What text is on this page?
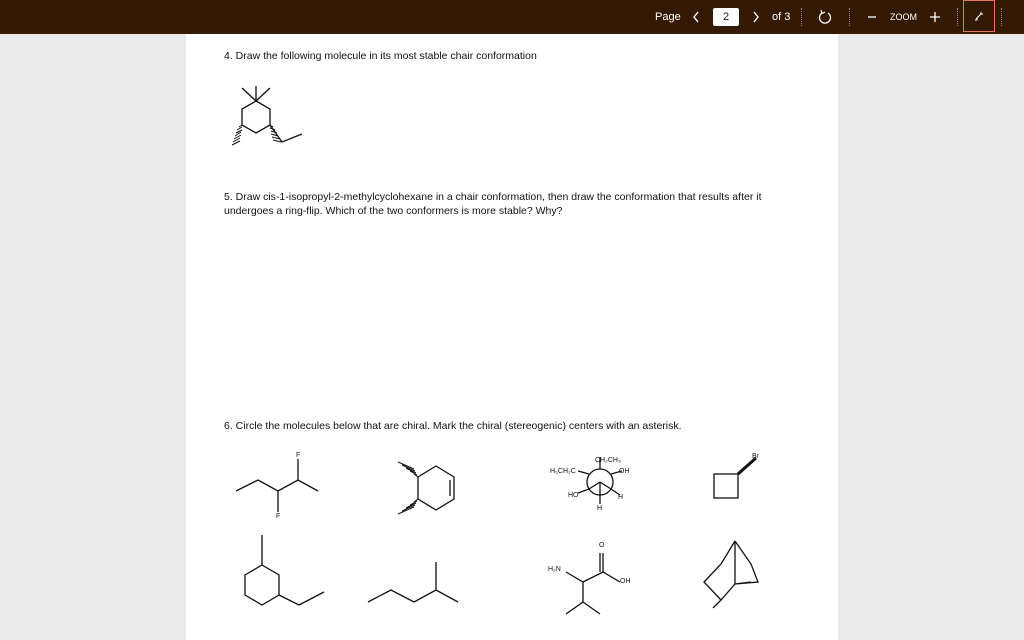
Page	2	of 3	ZOOM
4. Draw the following molecule in its most stable chair conformation
5. Draw cis-1-isopropyl-2-methylcyclohexane in a chair conformation, then draw the conformation that results after it
undergoes a ring-flip. Which of the two conformers is more stable? Why?
6. Circle the molecules below that are chiral. Mark the chiral (stereogenic) centers with an asterisk.
F
F
Br
CH₂CH₃
H₃CH₂C	OH
HO	H
H
H₂N
O
OH
